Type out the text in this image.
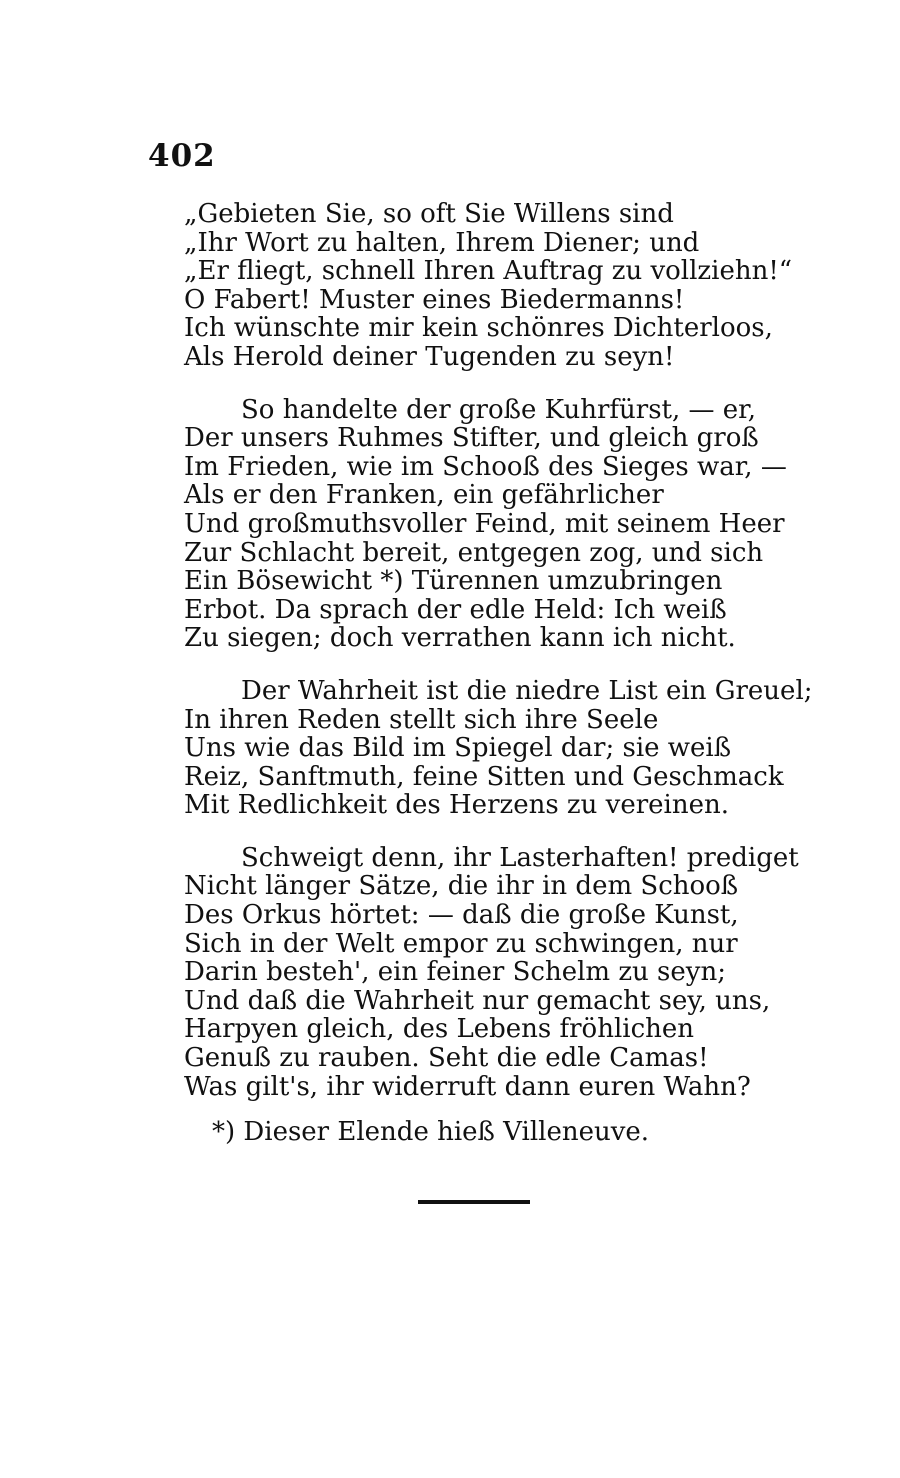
402
„Gebieten Sie, so oft Sie Willens sind
„Ihr Wort zu halten, Ihrem Diener; und
„Er fliegt, schnell Ihren Auftrag zu vollziehn!“
O Fabert! Muster eines Biedermanns!
Ich wünschte mir kein schönres Dichterloos,
Als Herold deiner Tugenden zu seyn!
So handelte der große Kuhrfürst, — er,
Der unsers Ruhmes Stifter, und gleich groß
Im Frieden, wie im Schooß des Sieges war, —
Als er den Franken, ein gefährlicher
Und großmuthsvoller Feind, mit seinem Heer
Zur Schlacht bereit, entgegen zog, und sich
Ein Bösewicht *) Türennen umzubringen
Erbot. Da sprach der edle Held: Ich weiß
Zu siegen; doch verrathen kann ich nicht.
Der Wahrheit ist die niedre List ein Greuel;
In ihren Reden stellt sich ihre Seele
Uns wie das Bild im Spiegel dar; sie weiß
Reiz, Sanftmuth, feine Sitten und Geschmack
Mit Redlichkeit des Herzens zu vereinen.
Schweigt denn, ihr Lasterhaften! prediget
Nicht länger Sätze, die ihr in dem Schooß
Des Orkus hörtet: — daß die große Kunst,
Sich in der Welt empor zu schwingen, nur
Darin besteh', ein feiner Schelm zu seyn;
Und daß die Wahrheit nur gemacht sey, uns,
Harpyen gleich, des Lebens fröhlichen
Genuß zu rauben. Seht die edle Camas!
Was gilt's, ihr widerruft dann euren Wahn?
*) Dieser Elende hieß Villeneuve.
